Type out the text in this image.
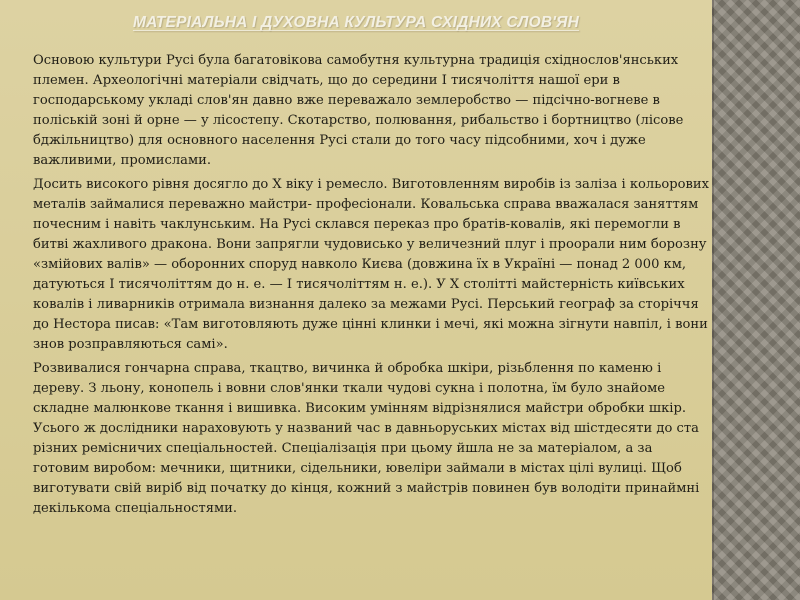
МАТЕРІАЛЬНА І ДУХОВНА КУЛЬТУРА СХІДНИХ СЛОВ'ЯН

Основою культури Русі була багатовікова самобутня культурна традиція східнослов'янських племен. Археологічні матеріали свідчать, що до середини І тисячоліття нашої ери в господарському укладі слов'ян давно вже переважало землеробство — підсічно-вогневе в поліській зоні й орне — у лісостепу. Скотарство, полювання, рибальство і бортництво (лісове бджільництво) для основного населення Русі стали до того часу підсобними, хоч і дуже важливими, промислами.

Досить високого рівня досягло до X віку і ремесло. Виготовленням виробів із заліза і кольорових металів займалися переважно майстри- професіонали. Ковальська справа вважалася заняттям почесним і навіть чаклунським. На Русі склався переказ про братів-ковалів, які перемогли в битві жахливого дракона. Вони запрягли чудовисько у величезний плуг і проорали ним борозну «змійових валів» — оборонних споруд навколо Києва (довжина їх в Україні — понад 2 000 км, датуються І тисячоліттям до н. е. — І тисячоліттям н. е.). У X столітті майстерність київських ковалів і ливарників отримала визнання далеко за межами Русі. Перський географ за сторіччя до Нестора писав: «Там виготовляють дуже цінні клинки і мечі, які можна зігнути навпіл, і вони знов розправляються самі».

Розвивалися гончарна справа, ткацтво, вичинка й обробка шкіри, різьблення по каменю і дереву. З льону, конопель і вовни слов'янки ткали чудові сукна і полотна, їм було знайоме складне малюнкове ткання і вишивка. Високим умінням відрізнялися майстри обробки шкір. Усього ж дослідники нараховують у названий час в давньоруських містах від шістдесяти до ста різних ремісничих спеціальностей. Спеціалізація при цьому йшла не за матеріалом, а за готовим виробом: мечники, щитники, сідельники, ювеліри займали в містах цілі вулиці. Щоб виготувати свій виріб від початку до кінця, кожний з майстрів повинен був володіти принаймні декількома спеціальностями.
